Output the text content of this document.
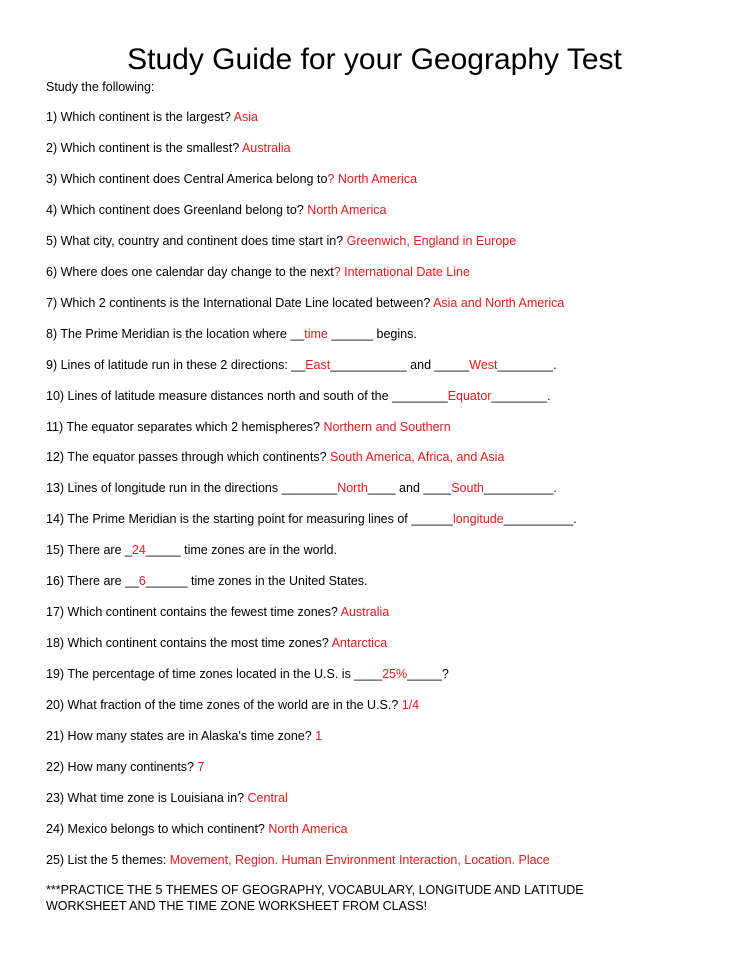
Study Guide for your Geography Test
Study the following:
1) Which continent is the largest? Asia
2) Which continent is the smallest? Australia
3) Which continent does Central America belong to? North America
4) Which continent does Greenland belong to? North America
5) What city, country and continent does time start in? Greenwich, England in Europe
6) Where does one calendar day change to the next? International Date Line
7) Which 2 continents is the International Date Line located between? Asia and North America
8) The Prime Meridian is the location where __time ______ begins.
9) Lines of latitude run in these 2 directions: __East___________ and _____West________.
10) Lines of latitude measure distances north and south of the ________Equator________.
11) The equator separates which 2 hemispheres? Northern and Southern
12) The equator passes through which continents? South America, Africa, and Asia
13) Lines of longitude run in the directions ________North____ and ____South__________.
14) The Prime Meridian is the starting point for measuring lines of ______longitude__________.
15) There are _24_____ time zones are in the world.
16) There are __6______ time zones in the United States.
17) Which continent contains the fewest time zones? Australia
18) Which continent contains the most time zones? Antarctica
19) The percentage of time zones located in the U.S. is ____25%_____?
20) What fraction of the time zones of the world are in the U.S.? 1/4
21) How many states are in Alaska's time zone? 1
22) How many continents? 7
23) What time zone is Louisiana in? Central
24) Mexico belongs to which continent? North America
25) List the 5 themes: Movement, Region. Human Environment Interaction, Location. Place
***PRACTICE THE 5 THEMES OF GEOGRAPHY, VOCABULARY, LONGITUDE AND LATITUDE
WORKSHEET AND THE TIME ZONE WORKSHEET FROM CLASS!
